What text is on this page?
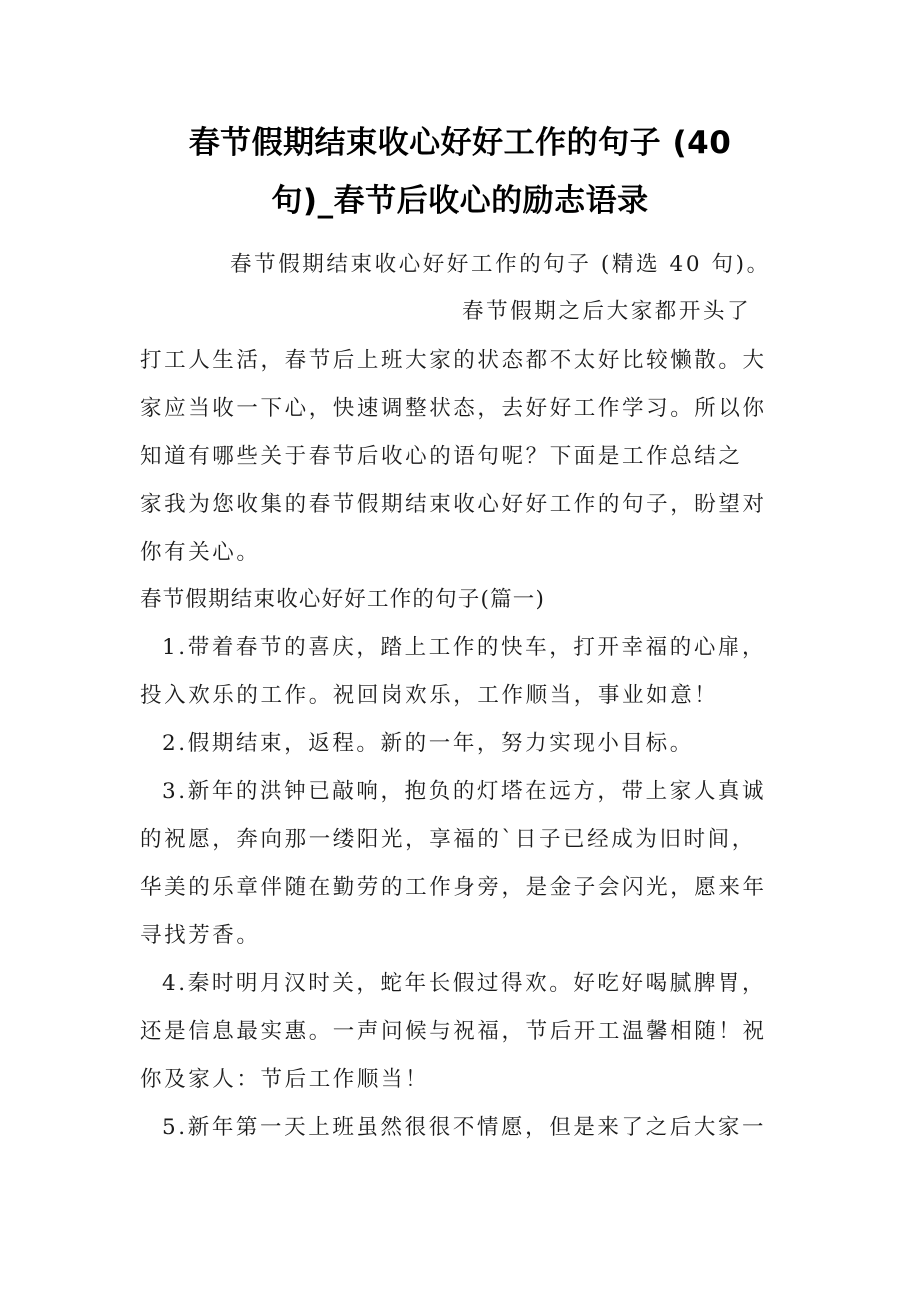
春节假期结束收心好好工作的句子 (40
句)_春节后收心的励志语录

春节假期结束收心好好工作的句子 (精选 40 句)。

春节假期之后大家都开头了

打工人生活，春节后上班大家的状态都不太好比较懒散。大

家应当收一下心，快速调整状态，去好好工作学习。所以你

知道有哪些关于春节后收心的语句呢？下面是工作总结之

家我为您收集的春节假期结束收心好好工作的句子，盼望对

你有关心。

春节假期结束收心好好工作的句子(篇一)

1.带着春节的喜庆，踏上工作的快车，打开幸福的心扉，

投入欢乐的工作。祝回岗欢乐，工作顺当，事业如意！

2.假期结束，返程。新的一年，努力实现小目标。

3.新年的洪钟已敲响，抱负的灯塔在远方，带上家人真诚

的祝愿，奔向那一缕阳光，享福的`日子已经成为旧时间，

华美的乐章伴随在勤劳的工作身旁，是金子会闪光，愿来年

寻找芳香。

4.秦时明月汉时关，蛇年长假过得欢。好吃好喝腻脾胃，

还是信息最实惠。一声问候与祝福，节后开工温馨相随！祝

你及家人：节后工作顺当！

5.新年第一天上班虽然很很不情愿，但是来了之后大家一
